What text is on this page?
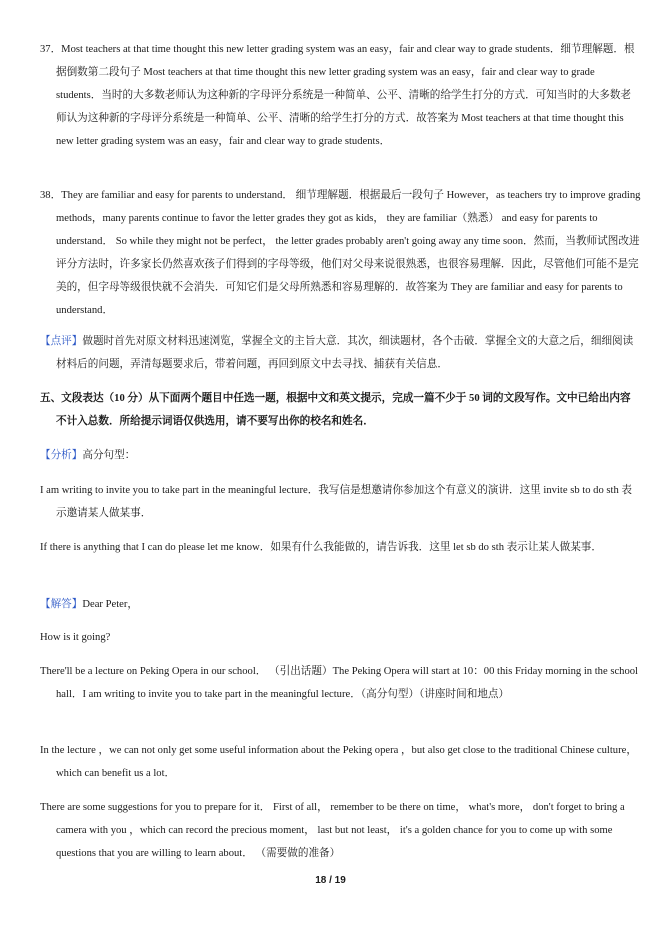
37．Most teachers at that time thought this new letter grading system was an easy，fair and clear way to grade students．细节理解题．根据倒数第二段句子 Most teachers at that time thought this new letter grading system was an easy，fair and clear way to grade students．当时的大多数老师认为这种新的字母评分系统是一种简单、公平、清晰的给学生打分的方式．可知当时的大多数老师认为这种新的字母评分系统是一种简单、公平、清晰的给学生打分的方式．故答案为 Most teachers at that time thought this new letter grading system was an easy，fair and clear way to grade students．

38．They are familiar and easy for parents to understand． 细节理解题．根据最后一段句子 However，as teachers try to improve grading methods，many parents continue to favor the letter grades they got as kids， they are familiar（熟悉） and easy for parents to understand． So while they might not be perfect， the letter grades probably aren't going away any time soon．然而，当教师试图改进评分方法时，许多家长仍然喜欢孩子们得到的字母等级，他们对父母来说很熟悉，也很容易理解．因此，尽管他们可能不是完美的，但字母等级很快就不会消失．可知它们是父母所熟悉和容易理解的．故答案为 They are familiar and easy for parents to understand．

【点评】做题时首先对原文材料迅速浏览，掌握全文的主旨大意．其次，细读题材，各个击破．掌握全文的大意之后，细细阅读材料后的问题，弄清每题要求后，带着问题，再回到原文中去寻找、捕获有关信息．

五、文段表达（10 分）从下面两个题目中任选一题，根据中文和英文提示，完成一篇不少于 50 词的文段写作。文中已给出内容不计入总数．所给提示词语仅供选用，请不要写出你的校名和姓名．

【分析】高分句型：

I am writing to invite you to take part in the meaningful lecture．我写信是想邀请你参加这个有意义的演讲．这里 invite sb to do sth 表示邀请某人做某事．

If there is anything that I can do please let me know．如果有什么我能做的，请告诉我．这里 let sb do sth 表示让某人做某事．

【解答】Dear Peter，

How is it going?

There'll be a lecture on Peking Opera in our school． （引出话题）The Peking Opera will start at 10：00 this Friday morning in the school hall．I am writing to invite you to take part in the meaningful lecture．（高分句型）（讲座时间和地点）

In the lecture ，we can not only get some useful information about the Peking opera ，but also get close to the traditional Chinese culture， which can benefit us a lot．

There are some suggestions for you to prepare for it． First of all， remember to be there on time， what's more， don't forget to bring a camera with you ，which can record the precious moment， last but not least， it's a golden chance for you to come up with some questions that you are willing to learn about． （需要做的准备）

18 / 19
